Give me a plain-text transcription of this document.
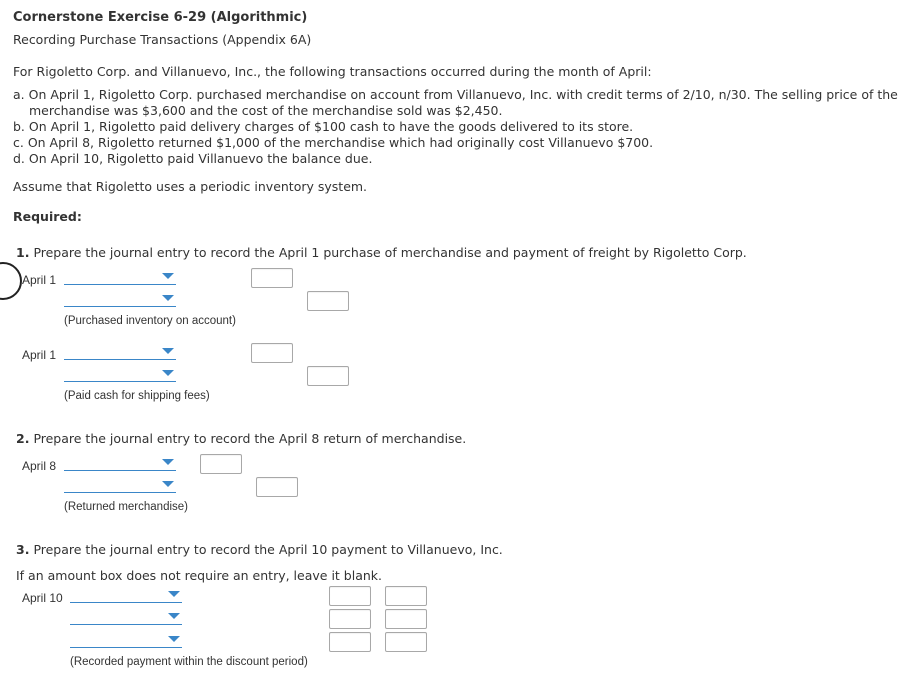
Cornerstone Exercise 6-29 (Algorithmic)
Recording Purchase Transactions (Appendix 6A)
For Rigoletto Corp. and Villanuevo, Inc., the following transactions occurred during the month of April:
a. On April 1, Rigoletto Corp. purchased merchandise on account from Villanuevo, Inc. with credit terms of 2/10, n/30. The selling price of the
merchandise was $3,600 and the cost of the merchandise sold was $2,450.
b. On April 1, Rigoletto paid delivery charges of $100 cash to have the goods delivered to its store.
c. On April 8, Rigoletto returned $1,000 of the merchandise which had originally cost Villanuevo $700.
d. On April 10, Rigoletto paid Villanuevo the balance due.
Assume that Rigoletto uses a periodic inventory system.
Required:
1. Prepare the journal entry to record the April 1 purchase of merchandise and payment of freight by Rigoletto Corp.
April 1
(Purchased inventory on account)
April 1
(Paid cash for shipping fees)
2. Prepare the journal entry to record the April 8 return of merchandise.
April 8
(Returned merchandise)
3. Prepare the journal entry to record the April 10 payment to Villanuevo, Inc.
If an amount box does not require an entry, leave it blank.
April 10
(Recorded payment within the discount period)
